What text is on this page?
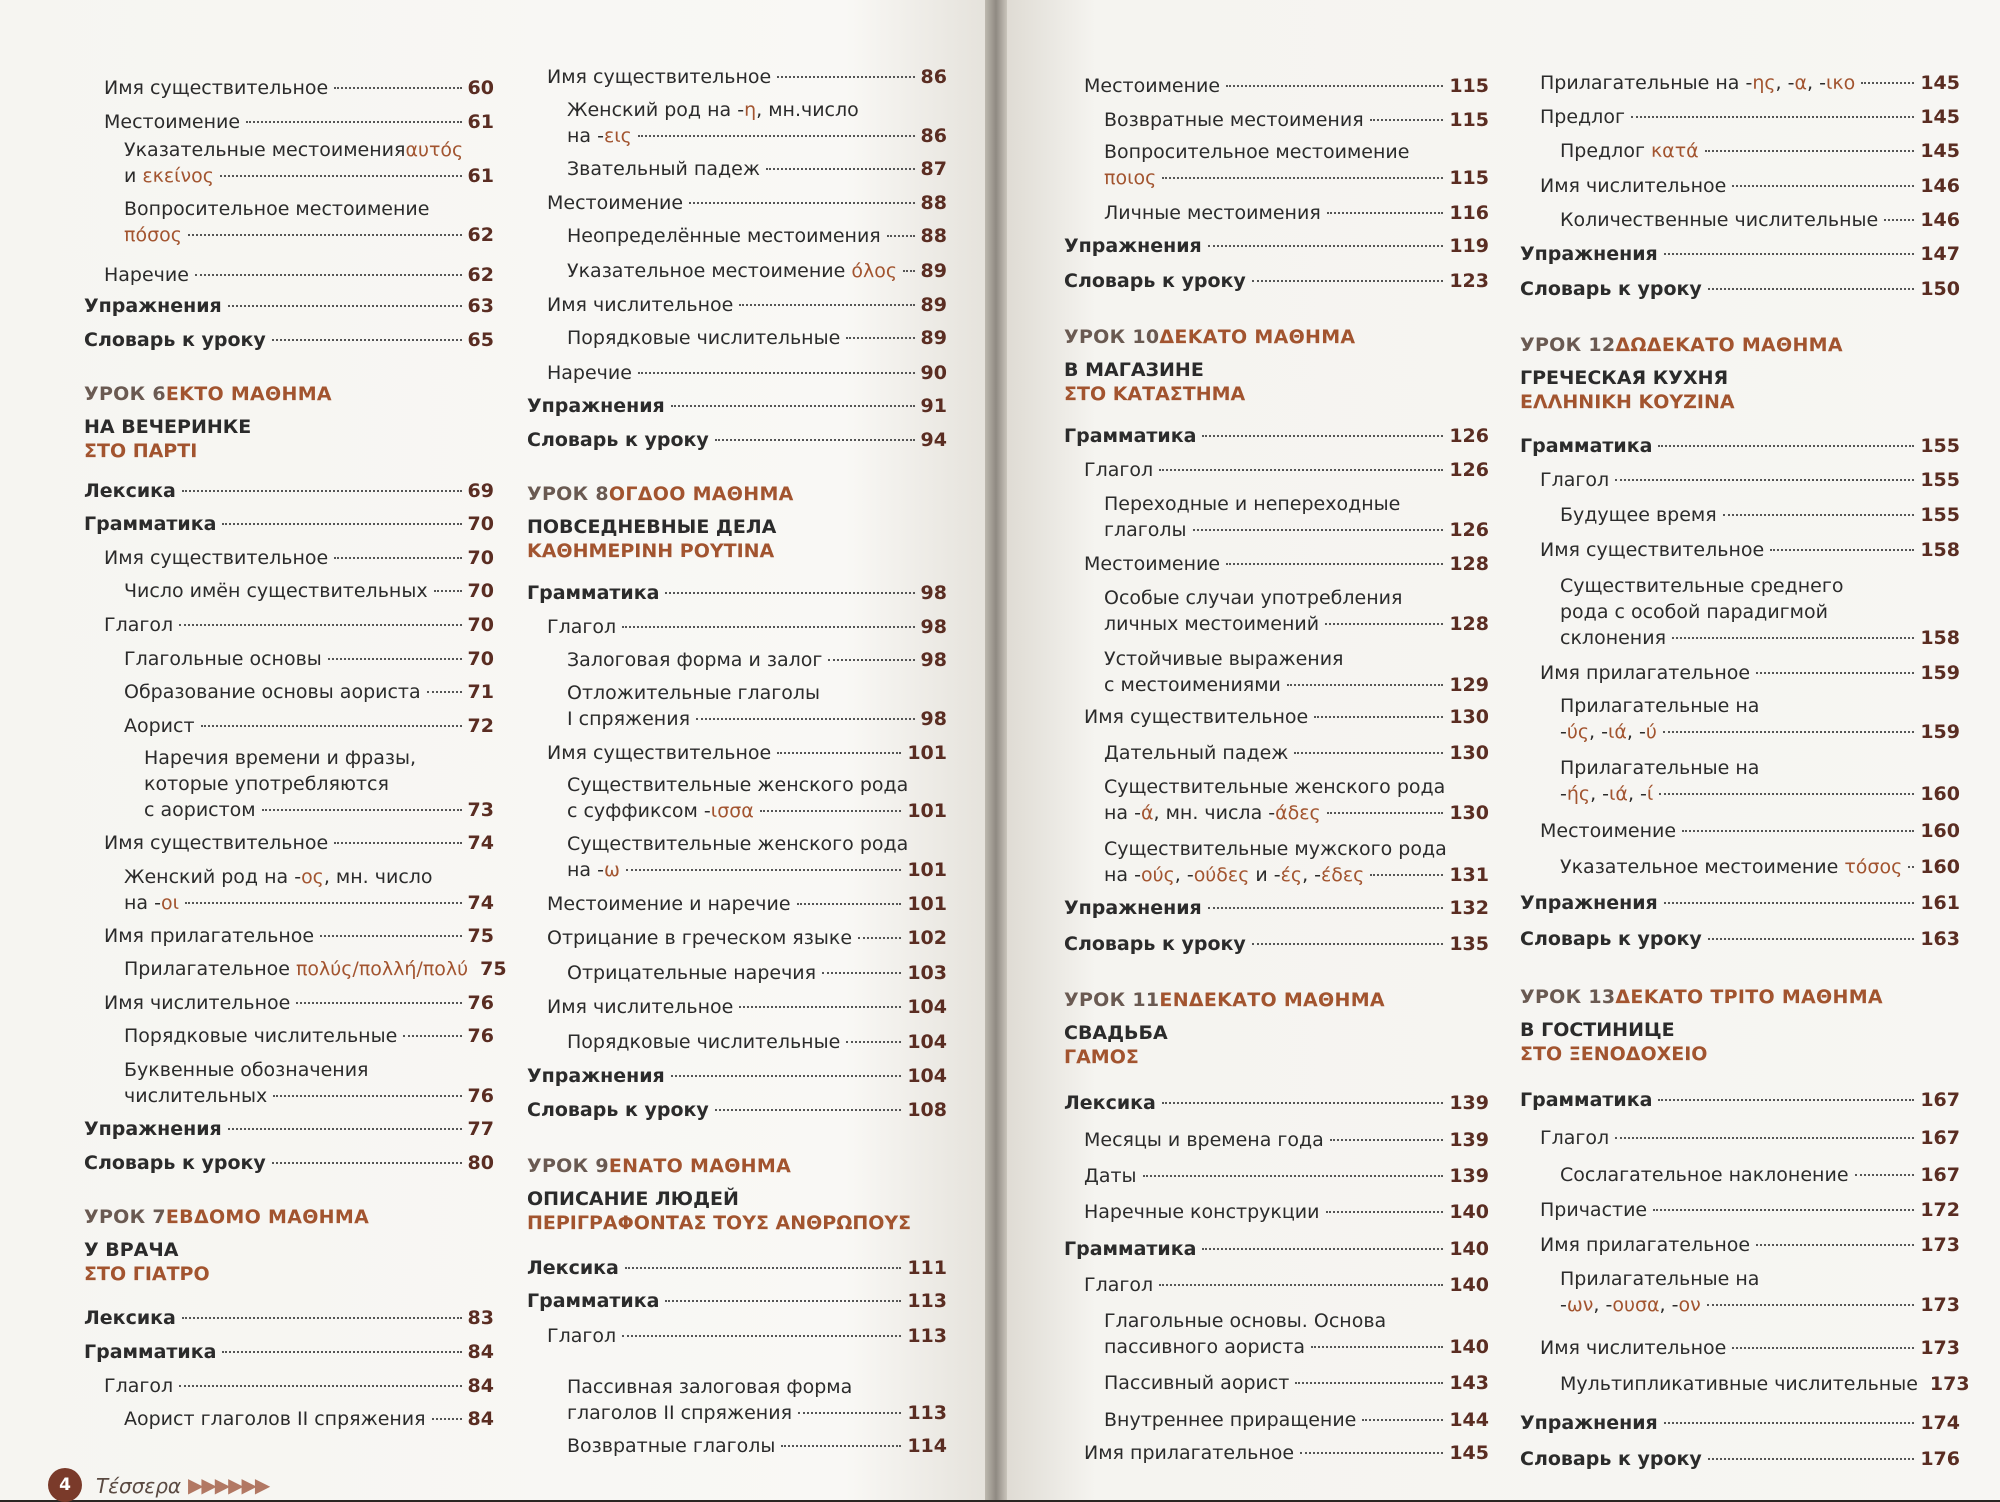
Имя существительное	60
Местоимение	61
Указательные местоимения αυτός
и εκείνος	61
Вопросительное местоимение
πόσος	62
Наречие	62
Упражнения	63
Словарь к уроку	65
УРОК 6ΕΚΤΟ ΜΑΘΗΜΑ
НА ВЕЧЕРИНКЕ
ΣΤΟ ΠΑΡΤΙ
Лексика	69
Грамматика	70
Имя существительное	70
Число имён существительных 70
Глагол	70
Глагольные основы	70
Образование основы аориста 71
Аорист	72
Наречия времени и фразы,
которые употребляются
с аористом	73
Имя существительное	74
Женский род на - ος , мн. число
на -οι	74
Имя прилагательное	75
Прилагательное πολύς/πολλή/πολύ 75
Имя числительное	76
Порядковые числительные	76
Буквенные обозначения
числительных	76
Упражнения	77
Словарь к уроку	80
УРОК 7ΕΒΔΟΜΟ ΜΑΘΗΜΑ
У ВРАЧА
ΣΤΟ ΓΙΑΤΡΟ
Лексика	83
Грамматика	84
Глагол	84
Аорист глаголов II спряжения 84
Имя существительное	86
Женский род на - η , мн.число
на -εις	86
Звательный падеж	87
Местоимение	88
Неопределённые местоимения 88
Указательное местоимение όλος 89
Имя числительное	89
Порядковые числительные	89
Наречие	90
Упражнения	91
Словарь к уроку	94
УРОК 8ΟΓΔΟΟ ΜΑΘΗΜΑ
ПОВСЕДНЕВНЫЕ ДЕЛА
ΚΑΘΗΜΕΡΙΝΗ ΡΟΥΤΙΝΑ
Грамматика	98
Глагол	98
Залоговая форма и залог	98
Отложительные глаголы
I спряжения	98
Имя существительное	101
Существительные женского рода
с суффиксом -ισσα	101
Существительные женского рода
на -ω	101
Местоимение и наречие	101
Отрицание в греческом языке	102
Отрицательные наречия	103
Имя числительное	104
Порядковые числительные	104
Упражнения	104
Словарь к уроку	108
УРОК 9ΕΝΑΤΟ ΜΑΘΗΜΑ
ОПИСАНИЕ ЛЮДЕЙ
ΠΕΡΙΓΡΑΦΟΝΤΑΣ ΤΟΥΣ ΑΝΘΡΩΠΟΥΣ
Лексика	111
Грамматика	113
Глагол	113
Пассивная залоговая форма
глаголов II спряжения	113
Возвратные глаголы	114
Местоимение	115
Возвратные местоимения	115
Вопросительное местоимение
ποιος	115
Личные местоимения	116
Упражнения	119
Словарь к уроку	123
УРОК 10ΔΕΚΑΤΟ ΜΑΘΗΜΑ
В МАГАЗИНЕ
ΣΤΟ ΚΑΤΑΣΤΗΜΑ
Грамматика	126
Глагол	126
Переходные и непереходные
глаголы	126
Местоимение	128
Особые случаи употребления
личных местоимений	128
Устойчивые выражения
с местоимениями	129
Имя существительное	130
Дательный падеж	130
Существительные женского рода
на -ά, мн. числа -άδες	130
Существительные мужского рода
на -ούς, -ούδες и -ές, -έδες	131
Упражнения	132
Словарь к уроку	135
УРОК 11ΕΝΔΕΚΑΤΟ ΜΑΘΗΜΑ
СВАДЬБА
ΓΑΜΟΣ
Лексика	139
Месяцы и времена года	139
Даты	139
Наречные конструкции	140
Грамматика	140
Глагол	140
Глагольные основы. Основа
пассивного аориста	140
Пассивный аорист	143
Внутреннее приращение	144
Имя прилагательное	145
Прилагательные на -ης, -α, -ικο	145
Предлог	145
Предлог κατά	145
Имя числительное	146
Количественные числительные 146
Упражнения	147
Словарь к уроку	150
УРОК 12ΔΩΔΕΚΑΤΟ ΜΑΘΗΜΑ
ГРЕЧЕСКАЯ КУХНЯ
ΕΛΛΗΝΙΚΗ ΚΟΥΖΙΝΑ
Грамматика	155
Глагол	155
Будущее время	155
Имя существительное	158
Существительные среднего
рода с особой парадигмой
склонения	158
Имя прилагательное	159
Прилагательные на
-ύς, -ιά, -ύ	159
Прилагательные на
-ής, -ιά, -ί	160
Местоимение	160
Указательное местоимение τόσος 160
Упражнения	161
Словарь к уроку	163
УРОК 13ΔΕΚΑΤΟ ΤΡΙΤΟ ΜΑΘΗΜΑ
В ГОСТИНИЦЕ
ΣΤΟ ΞΕΝΟΔΟΧΕΙΟ
Грамматика	167
Глагол	167
Сослагательное наклонение	167
Причастие	172
Имя прилагательное	173
Прилагательные на
-ων, -ουσα, -ον	173
Имя числительное	173
Мультипликативные числительные 173
Упражнения	174
Словарь к уроку	176
4	Τέσσερα ▶▶▶▶▶▶
